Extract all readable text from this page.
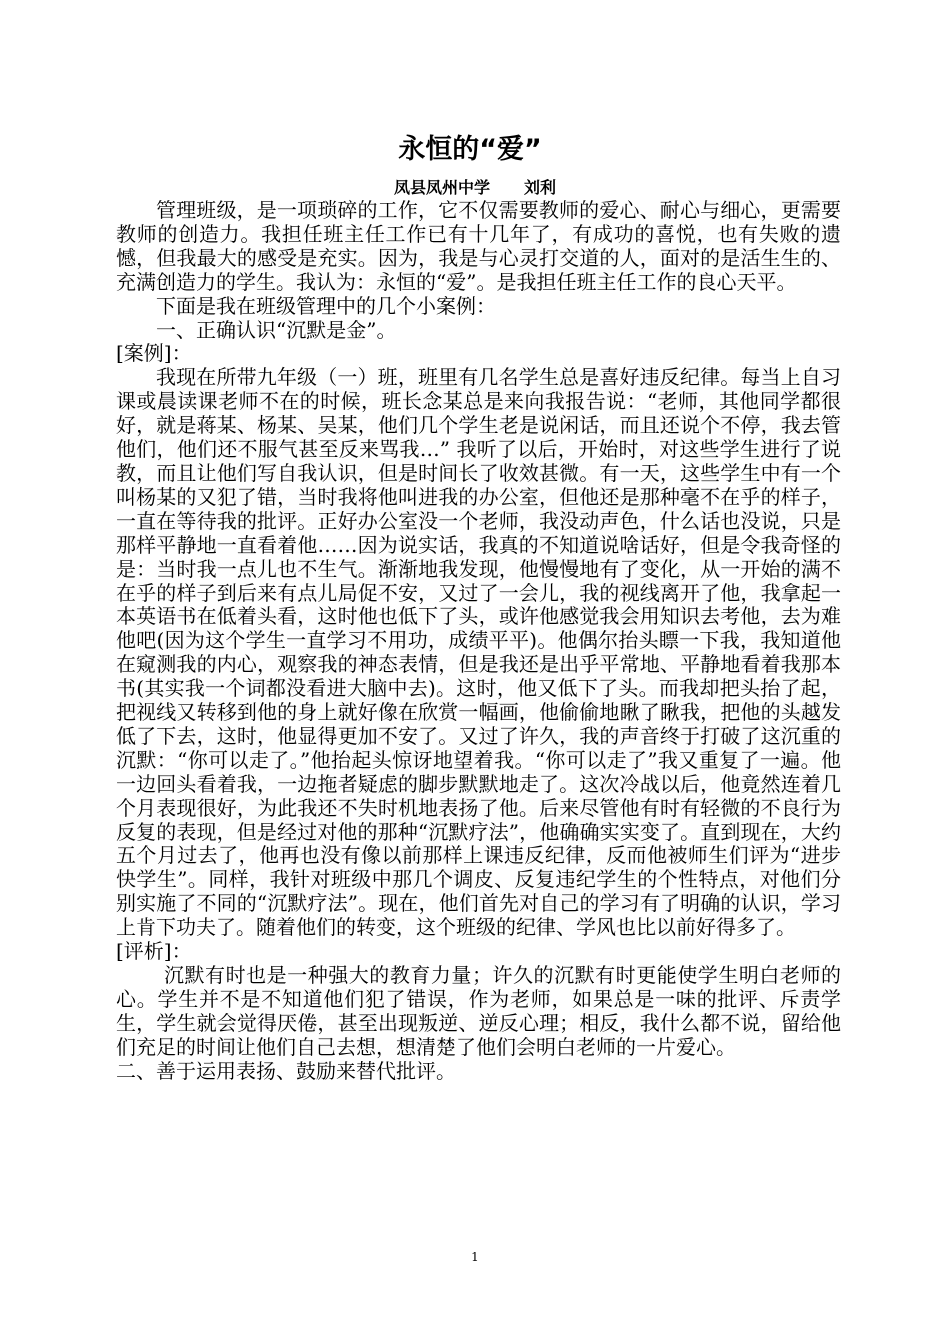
永恒的“爱”
凤县凤州中学 刘利

管理班级，是一项琐碎的工作，它不仅需要教师的爱心、耐心与细心，更需要教师的创造力。我担任班主任工作已有十几年了，有成功的喜悦，也有失败的遗憾，但我最大的感受是充实。因为，我是与心灵打交道的人，面对的是活生生的、充满创造力的学生。我认为：永恒的“爱”。是我担任班主任工作的良心天平。

下面是我在班级管理中的几个小案例：

一、正确认识“沉默是金”。

[案例]：

我现在所带九年级（一）班，班里有几名学生总是喜好违反纪律。每当上自习课或晨读课老师不在的时候，班长念某总是来向我报告说：“老师，其他同学都很好，就是蒋某、杨某、吴某，他们几个学生老是说闲话，而且还说个不停，我去管他们，他们还不服气甚至反来骂我…” 我听了以后，开始时，对这些学生进行了说教，而且让他们写自我认识，但是时间长了收效甚微。有一天，这些学生中有一个叫杨某的又犯了错，当时我将他叫进我的办公室，但他还是那种毫不在乎的样子，一直在等待我的批评。正好办公室没一个老师，我没动声色，什么话也没说，只是那样平静地一直看着他……因为说实话，我真的不知道说啥话好，但是令我奇怪的是：当时我一点儿也不生气。渐渐地我发现，他慢慢地有了变化，从一开始的满不在乎的样子到后来有点儿局促不安，又过了一会儿，我的视线离开了他，我拿起一本英语书在低着头看，这时他也低下了头，或许他感觉我会用知识去考他，去为难他吧(因为这个学生一直学习不用功，成绩平平)。他偶尔抬头瞟一下我，我知道他在窥测我的内心，观察我的神态表情，但是我还是出乎平常地、平静地看着我那本书(其实我一个词都没看进大脑中去)。这时，他又低下了头。而我却把头抬了起，把视线又转移到他的身上就好像在欣赏一幅画，他偷偷地瞅了瞅我，把他的头越发低了下去，这时，他显得更加不安了。又过了许久，我的声音终于打破了这沉重的沉默：“你可以走了。”他抬起头惊讶地望着我。“你可以走了”我又重复了一遍。他一边回头看着我，一边拖者疑虑的脚步默默地走了。这次冷战以后，他竟然连着几个月表现很好，为此我还不失时机地表扬了他。后来尽管他有时有轻微的不良行为反复的表现，但是经过对他的那种“沉默疗法”，他确确实实变了。直到现在，大约五个月过去了，他再也没有像以前那样上课违反纪律，反而他被师生们评为“进步快学生”。同样，我针对班级中那几个调皮、反复违纪学生的个性特点，对他们分别实施了不同的“沉默疗法”。现在，他们首先对自己的学习有了明确的认识，学习上肯下功夫了。随着他们的转变，这个班级的纪律、学风也比以前好得多了。

[评析]：

沉默有时也是一种强大的教育力量；许久的沉默有时更能使学生明白老师的心。学生并不是不知道他们犯了错误，作为老师，如果总是一味的批评、斥责学生，学生就会觉得厌倦，甚至出现叛逆、逆反心理；相反，我什么都不说，留给他们充足的时间让他们自己去想，想清楚了他们会明白老师的一片爱心。

二、善于运用表扬、鼓励来替代批评。

1
